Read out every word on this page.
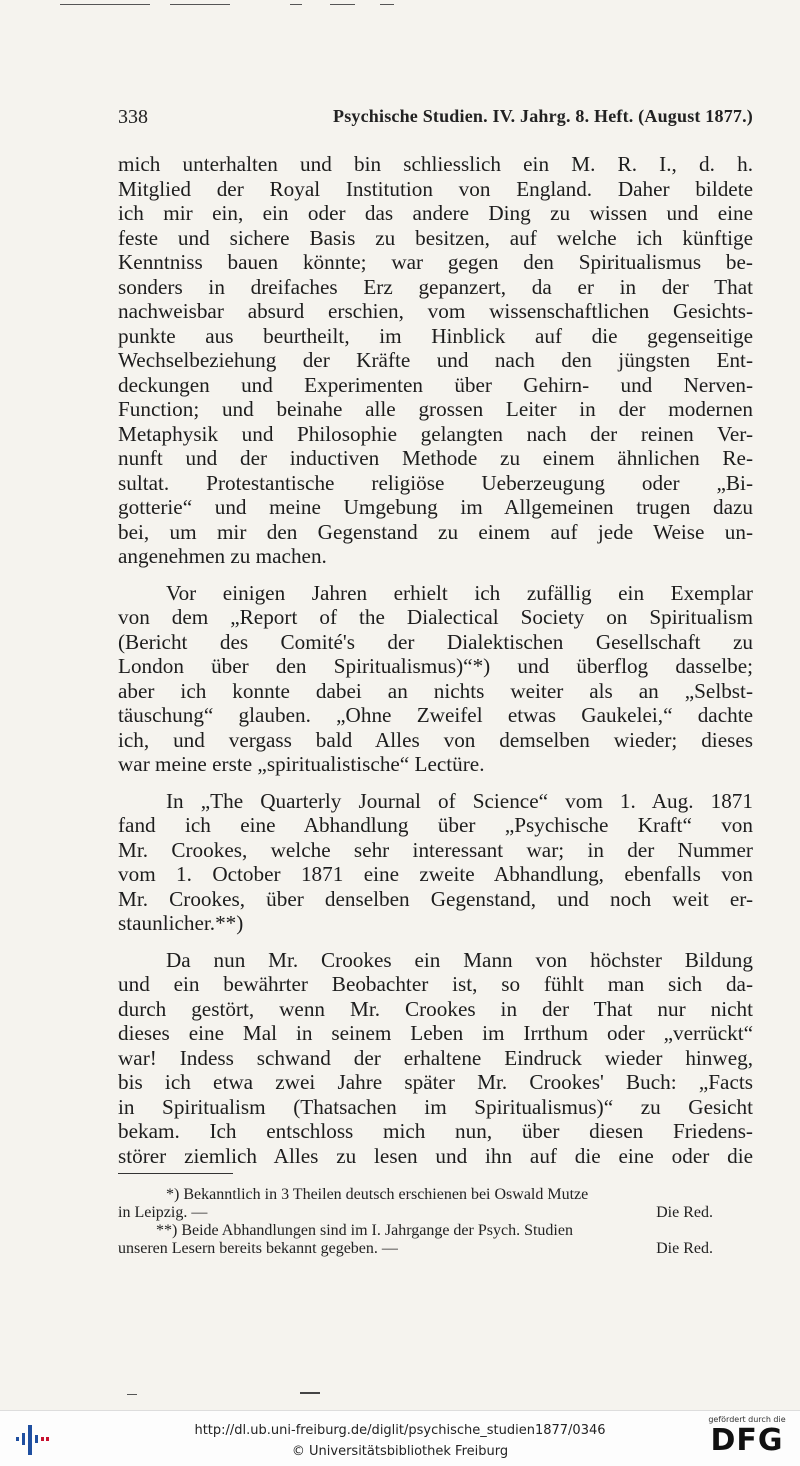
338	Psychische Studien. IV. Jahrg. 8. Heft. (August 1877.)

mich unterhalten und bin schliesslich ein M. R. I., d. h.
Mitglied der Royal Institution von England. Daher bildete
ich mir ein, ein oder das andere Ding zu wissen und eine
feste und sichere Basis zu besitzen, auf welche ich künftige
Kenntniss bauen könnte; war gegen den Spiritualismus be-
sonders in dreifaches Erz gepanzert, da er in der That
nachweisbar absurd erschien, vom wissenschaftlichen Gesichts-
punkte aus beurtheilt, im Hinblick auf die gegenseitige
Wechselbeziehung der Kräfte und nach den jüngsten Ent-
deckungen und Experimenten über Gehirn- und Nerven-
Function; und beinahe alle grossen Leiter in der modernen
Metaphysik und Philosophie gelangten nach der reinen Ver-
nunft und der inductiven Methode zu einem ähnlichen Re-
sultat. Protestantische religiöse Ueberzeugung oder „Bi-
gotterie“ und meine Umgebung im Allgemeinen trugen dazu
bei, um mir den Gegenstand zu einem auf jede Weise un-
angenehmen zu machen.

Vor einigen Jahren erhielt ich zufällig ein Exemplar
von dem „Report of the Dialectical Society on Spiritualism
(Bericht des Comité's der Dialektischen Gesellschaft zu
London über den Spiritualismus)“*) und überflog dasselbe;
aber ich konnte dabei an nichts weiter als an „Selbst-
täuschung“ glauben. „Ohne Zweifel etwas Gaukelei,“ dachte
ich, und vergass bald Alles von demselben wieder; dieses
war meine erste „spiritualistische“ Lectüre.

In „The Quarterly Journal of Science“ vom 1. Aug. 1871
fand ich eine Abhandlung über „Psychische Kraft“ von
Mr. Crookes, welche sehr interessant war; in der Nummer
vom 1. October 1871 eine zweite Abhandlung, ebenfalls von
Mr. Crookes, über denselben Gegenstand, und noch weit er-
staunlicher.**)

Da nun Mr. Crookes ein Mann von höchster Bildung
und ein bewährter Beobachter ist, so fühlt man sich da-
durch gestört, wenn Mr. Crookes in der That nur nicht
dieses eine Mal in seinem Leben im Irrthum oder „verrückt“
war! Indess schwand der erhaltene Eindruck wieder hinweg,
bis ich etwa zwei Jahre später Mr. Crookes' Buch: „Facts
in Spiritualism (Thatsachen im Spiritualismus)“ zu Gesicht
bekam. Ich entschloss mich nun, über diesen Friedens-
störer ziemlich Alles zu lesen und ihn auf die eine oder die

*) Bekanntlich in 3 Theilen deutsch erschienen bei Oswald Mutze
in Leipzig. —	Die Red.
**) Beide Abhandlungen sind im I. Jahrgange der Psych. Studien
unseren Lesern bereits bekannt gegeben. —	Die Red.
http://dl.ub.uni-freiburg.de/diglit/psychische_studien1877/0346
© Universitätsbibliothek Freiburg
gefördert durch die
DFG
